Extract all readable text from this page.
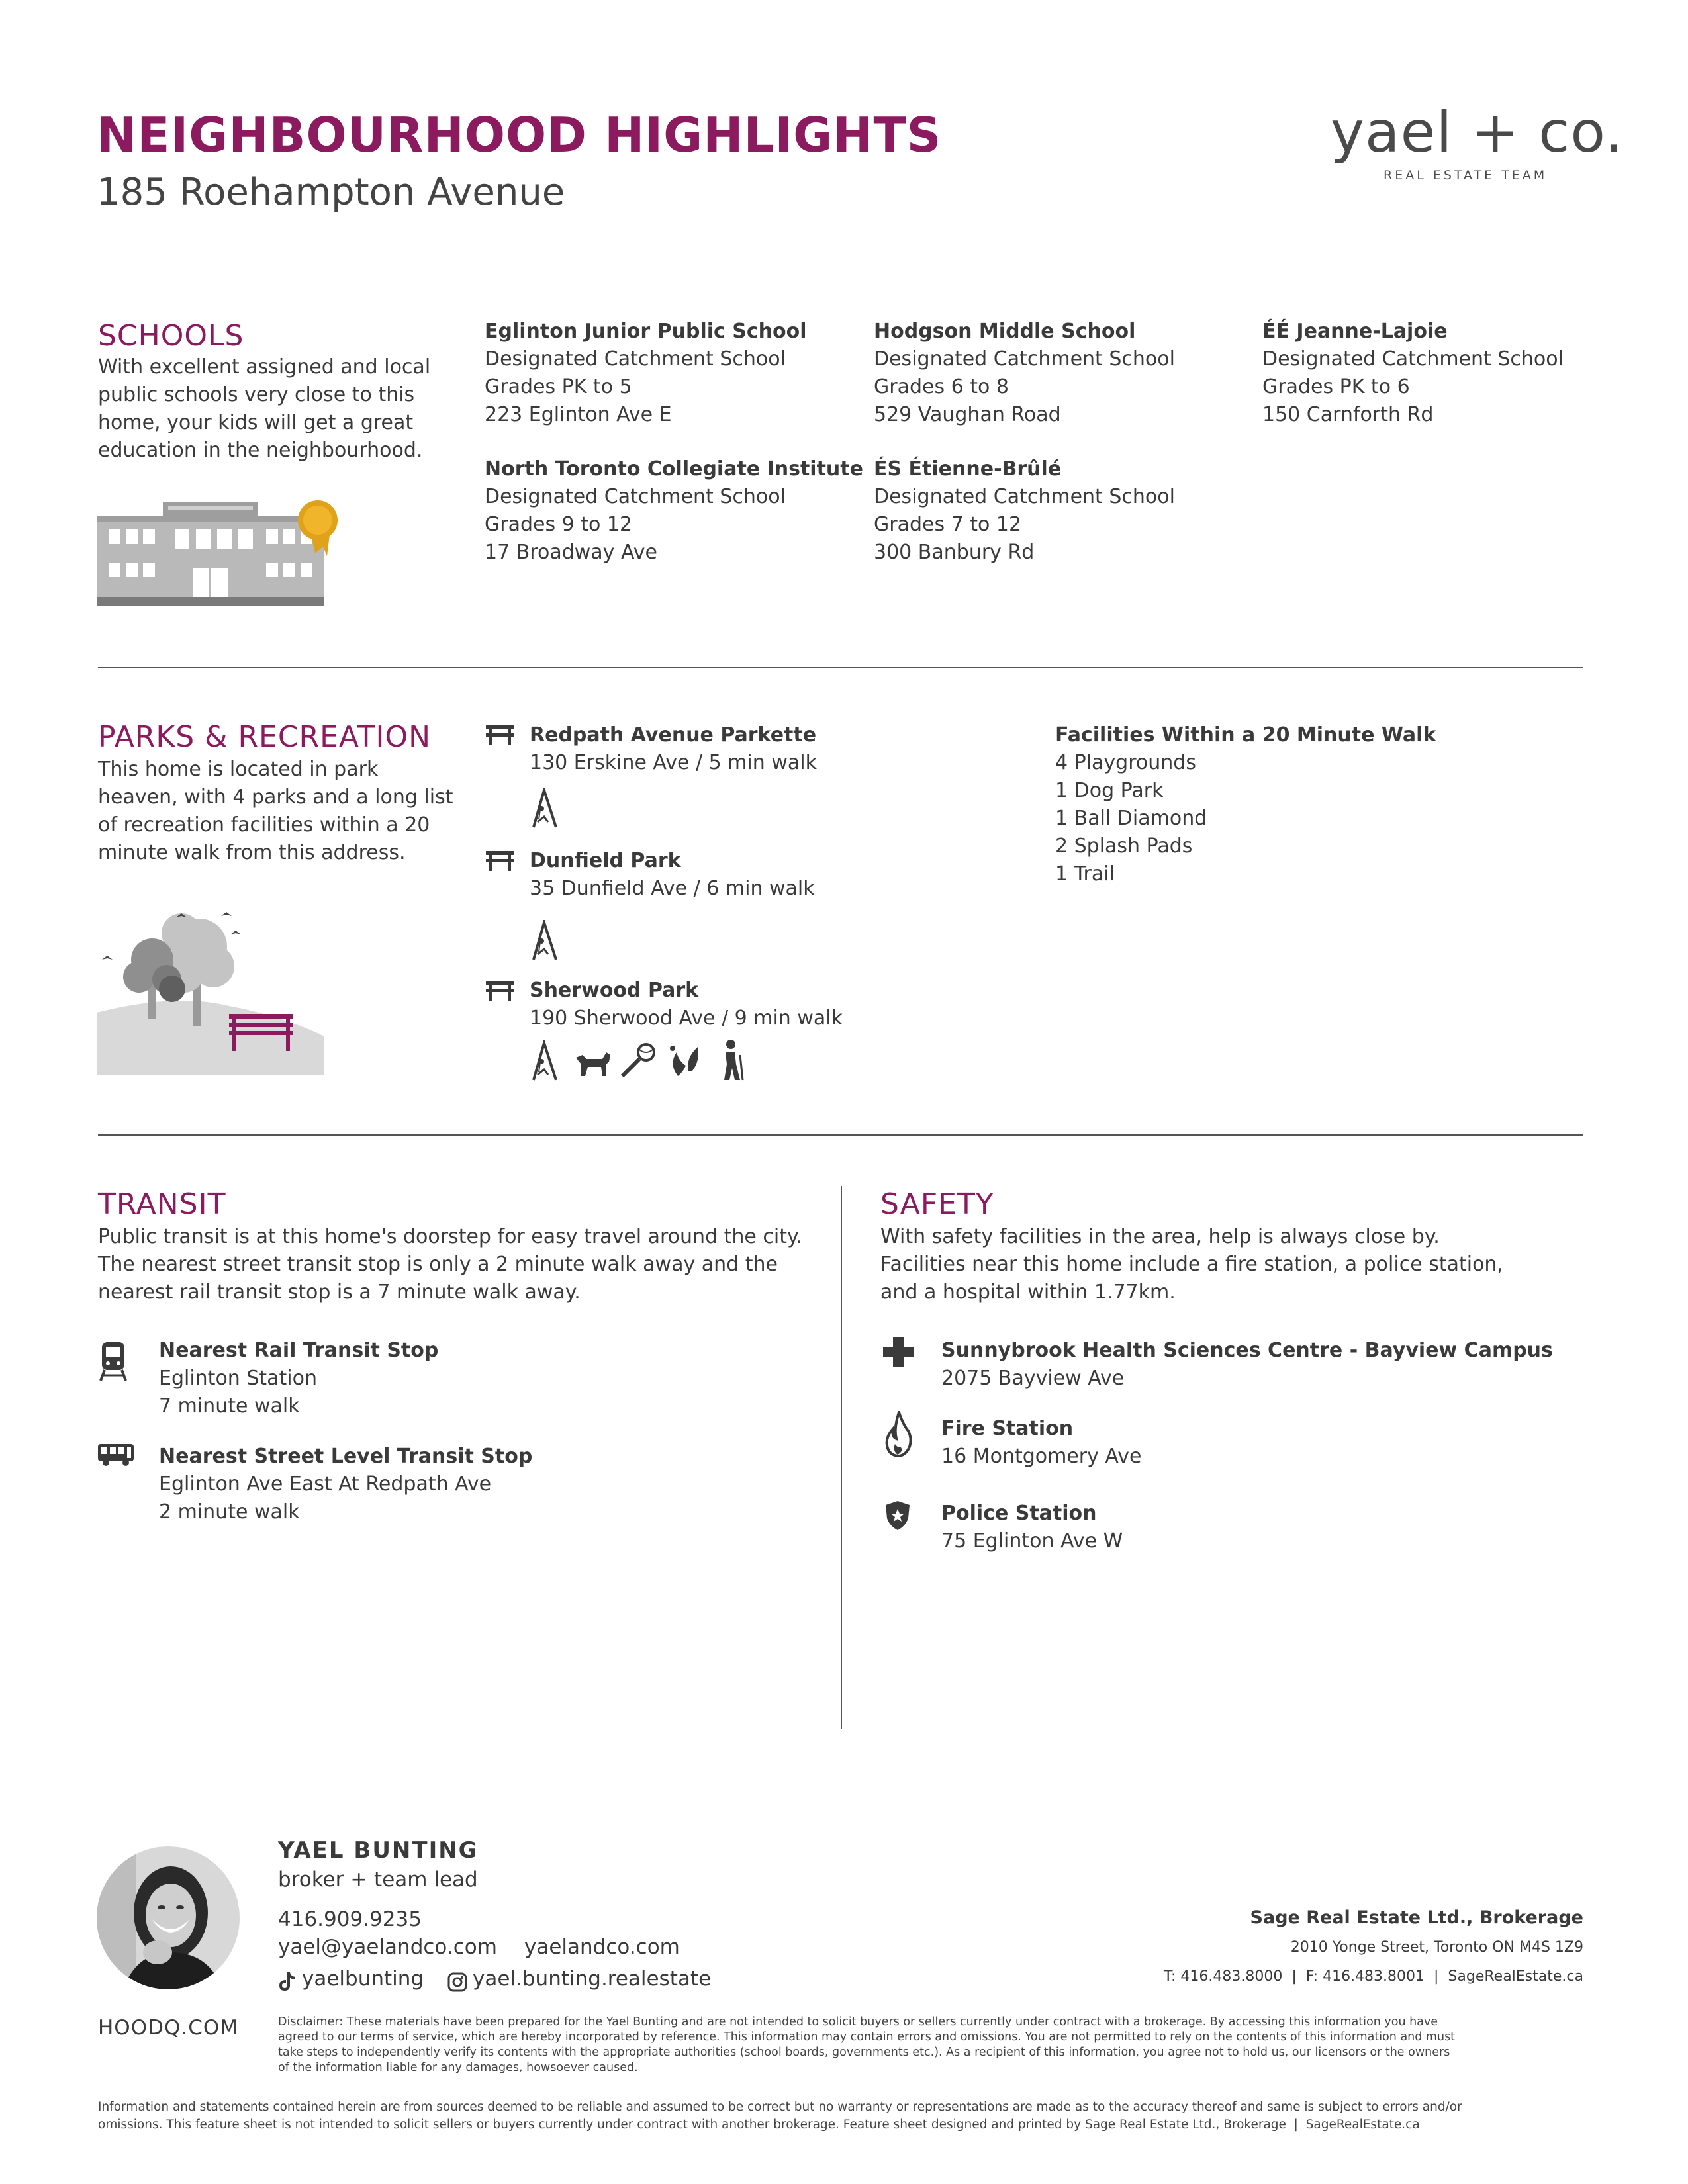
NEIGHBOURHOOD HIGHLIGHTS
185 Roehampton Avenue
yael + co.
REAL ESTATE TEAM
SCHOOLS
With excellent assigned and local
public schools very close to this
home, your kids will get a great
education in the neighbourhood.
Eglinton Junior Public School
Designated Catchment School
Grades PK to 5
223 Eglinton Ave E
Hodgson Middle School
Designated Catchment School
Grades 6 to 8
529 Vaughan Road
ÉÉ Jeanne-Lajoie
Designated Catchment School
Grades PK to 6
150 Carnforth Rd
North Toronto Collegiate Institute
Designated Catchment School
Grades 9 to 12
17 Broadway Ave
ÉS Étienne-Brûlé
Designated Catchment School
Grades 7 to 12
300 Banbury Rd
PARKS & RECREATION
This home is located in park
heaven, with 4 parks and a long list
of recreation facilities within a 20
minute walk from this address.
Redpath Avenue Parkette
130 Erskine Ave / 5 min walk
Dunfield Park
35 Dunfield Ave / 6 min walk
Sherwood Park
190 Sherwood Ave / 9 min walk
Facilities Within a 20 Minute Walk
4 Playgrounds
1 Dog Park
1 Ball Diamond
2 Splash Pads
1 Trail
TRANSIT
Public transit is at this home's doorstep for easy travel around the city.
The nearest street transit stop is only a 2 minute walk away and the
nearest rail transit stop is a 7 minute walk away.
Nearest Rail Transit Stop
Eglinton Station
7 minute walk
Nearest Street Level Transit Stop
Eglinton Ave East At Redpath Ave
2 minute walk
SAFETY
With safety facilities in the area, help is always close by.
Facilities near this home include a fire station, a police station,
and a hospital within 1.77km.
Sunnybrook Health Sciences Centre - Bayview Campus
2075 Bayview Ave
Fire Station
16 Montgomery Ave
Police Station
75 Eglinton Ave W
YAEL BUNTING
broker + team lead
416.909.9235
yael@yaelandco.com yaelandco.com
yaelbunting yael.bunting.realestate
Sage Real Estate Ltd., Brokerage
2010 Yonge Street, Toronto ON M4S 1Z9
T: 416.483.8000  |  F: 416.483.8001  |  SageRealEstate.ca
HOODQ.COM	Disclaimer: These materials have been prepared for the Yael Bunting and are not intended to solicit buyers or sellers currently under contract with a brokerage. By accessing this information you have
agreed to our terms of service, which are hereby incorporated by reference. This information may contain errors and omissions. You are not permitted to rely on the contents of this information and must
take steps to independently verify its contents with the appropriate authorities (school boards, governments etc.). As a recipient of this information, you agree not to hold us, our licensors or the owners
of the information liable for any damages, howsoever caused.
Information and statements contained herein are from sources deemed to be reliable and assumed to be correct but no warranty or representations are made as to the accuracy thereof and same is subject to errors and/or
omissions. This feature sheet is not intended to solicit sellers or buyers currently under contract with another brokerage. Feature sheet designed and printed by Sage Real Estate Ltd., Brokerage  |  SageRealEstate.ca
